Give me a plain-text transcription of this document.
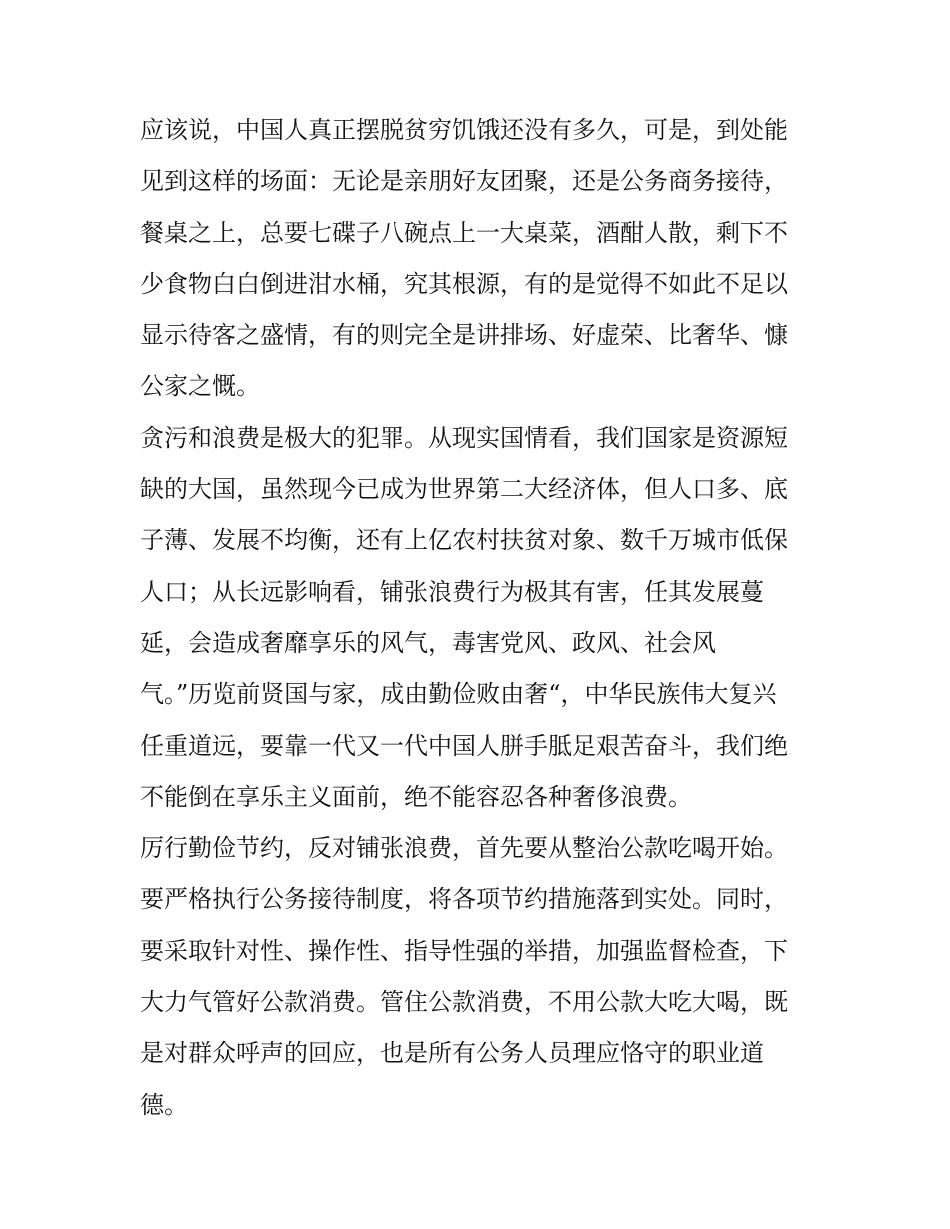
应该说，中国人真正摆脱贫穷饥饿还没有多久，可是，到处能
见到这样的场面：无论是亲朋好友团聚，还是公务商务接待，
餐桌之上，总要七碟子八碗点上一大桌菜，酒酣人散，剩下不
少食物白白倒进泔水桶，究其根源，有的是觉得不如此不足以
显示待客之盛情，有的则完全是讲排场、好虚荣、比奢华、慷
公家之慨。

贪污和浪费是极大的犯罪。从现实国情看，我们国家是资源短
缺的大国，虽然现今已成为世界第二大经济体，但人口多、底
子薄、发展不均衡，还有上亿农村扶贫对象、数千万城市低保
人口；从长远影响看，铺张浪费行为极其有害，任其发展蔓
延，会造成奢靡享乐的风气，毒害党风、政风、社会风
气。”历览前贤国与家，成由勤俭败由奢“，中华民族伟大复兴
任重道远，要靠一代又一代中国人胼手胝足艰苦奋斗，我们绝
不能倒在享乐主义面前，绝不能容忍各种奢侈浪费。

厉行勤俭节约，反对铺张浪费，首先要从整治公款吃喝开始。
要严格执行公务接待制度，将各项节约措施落到实处。同时，
要采取针对性、操作性、指导性强的举措，加强监督检查，下
大力气管好公款消费。管住公款消费，不用公款大吃大喝，既
是对群众呼声的回应，也是所有公务人员理应恪守的职业道
德。
